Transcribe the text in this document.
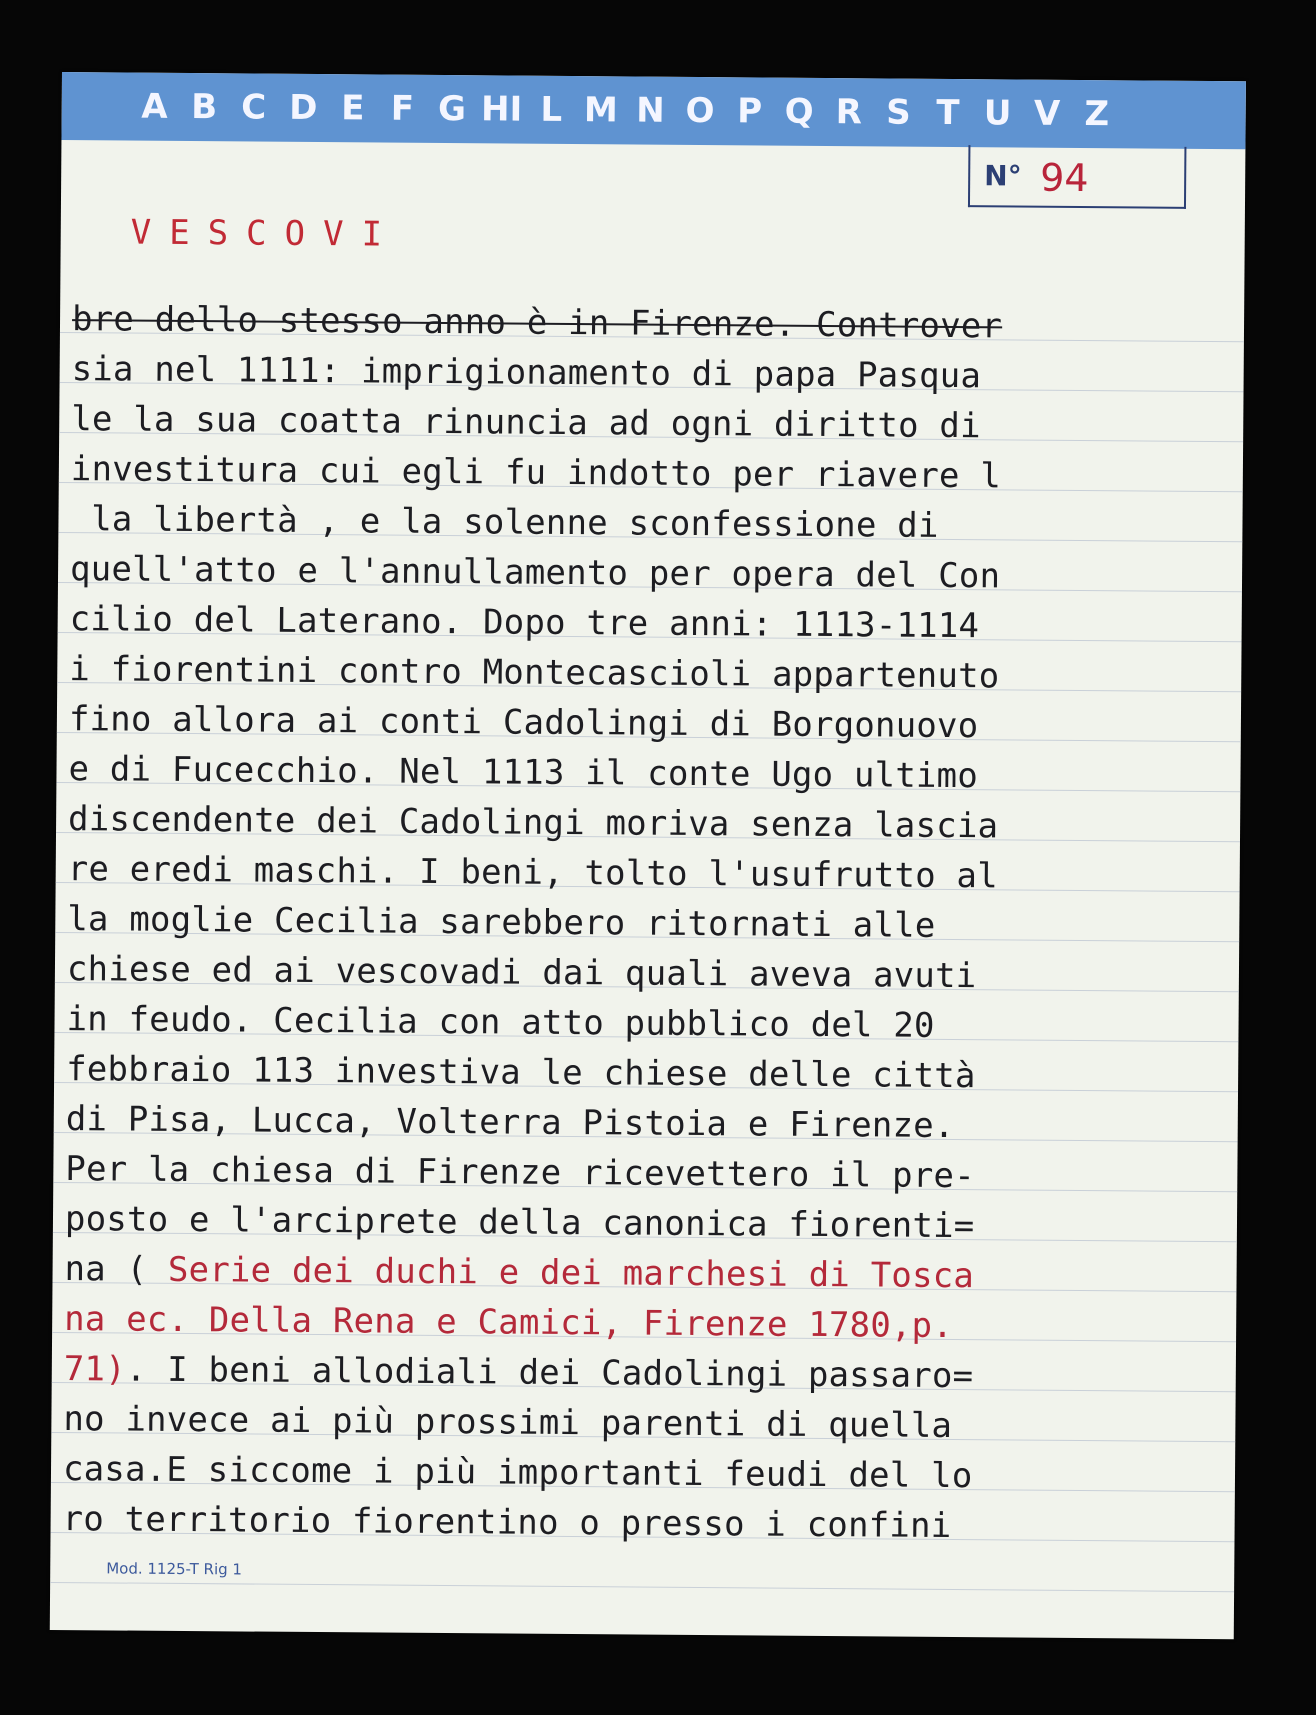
A B C D E F G HI L M N O P Q R S T U V Z
N° 94
VESCOVI
bre dello stesso anno è in Firenze. Controver
sia nel 1111: imprigionamento di papa Pasqua
le la sua coatta rinuncia ad ogni diritto di
investitura cui egli fu indotto per riavere l
la libertà , e la solenne sconfessione di
quell'atto e l'annullamento per opera del Con
cilio del Laterano. Dopo tre anni: 1113-1114
i fiorentini contro Montecascioli appartenuto
fino allora ai conti Cadolingi di Borgonuovo
e di Fucecchio. Nel 1113 il conte Ugo ultimo
discendente dei Cadolingi moriva senza lascia
re eredi maschi. I beni, tolto l'usufrutto al
la moglie Cecilia sarebbero ritornati alle
chiese ed ai vescovadi dai quali aveva avuti
in feudo. Cecilia con atto pubblico del 20
febbraio 113 investiva le chiese delle città
di Pisa, Lucca, Volterra Pistoia e Firenze.
Per la chiesa di Firenze ricevettero il pre-
posto e l'arciprete della canonica fiorenti=
na ( Serie dei duchi e dei marchesi di Tosca
na ec. Della Rena e Camici, Firenze 1780,p.
71). I beni allodiali dei Cadolingi passaro=
no invece ai più prossimi parenti di quella
casa.E siccome i più importanti feudi del lo
ro territorio fiorentino o presso i confini
Mod. 1125-T Rig 1
